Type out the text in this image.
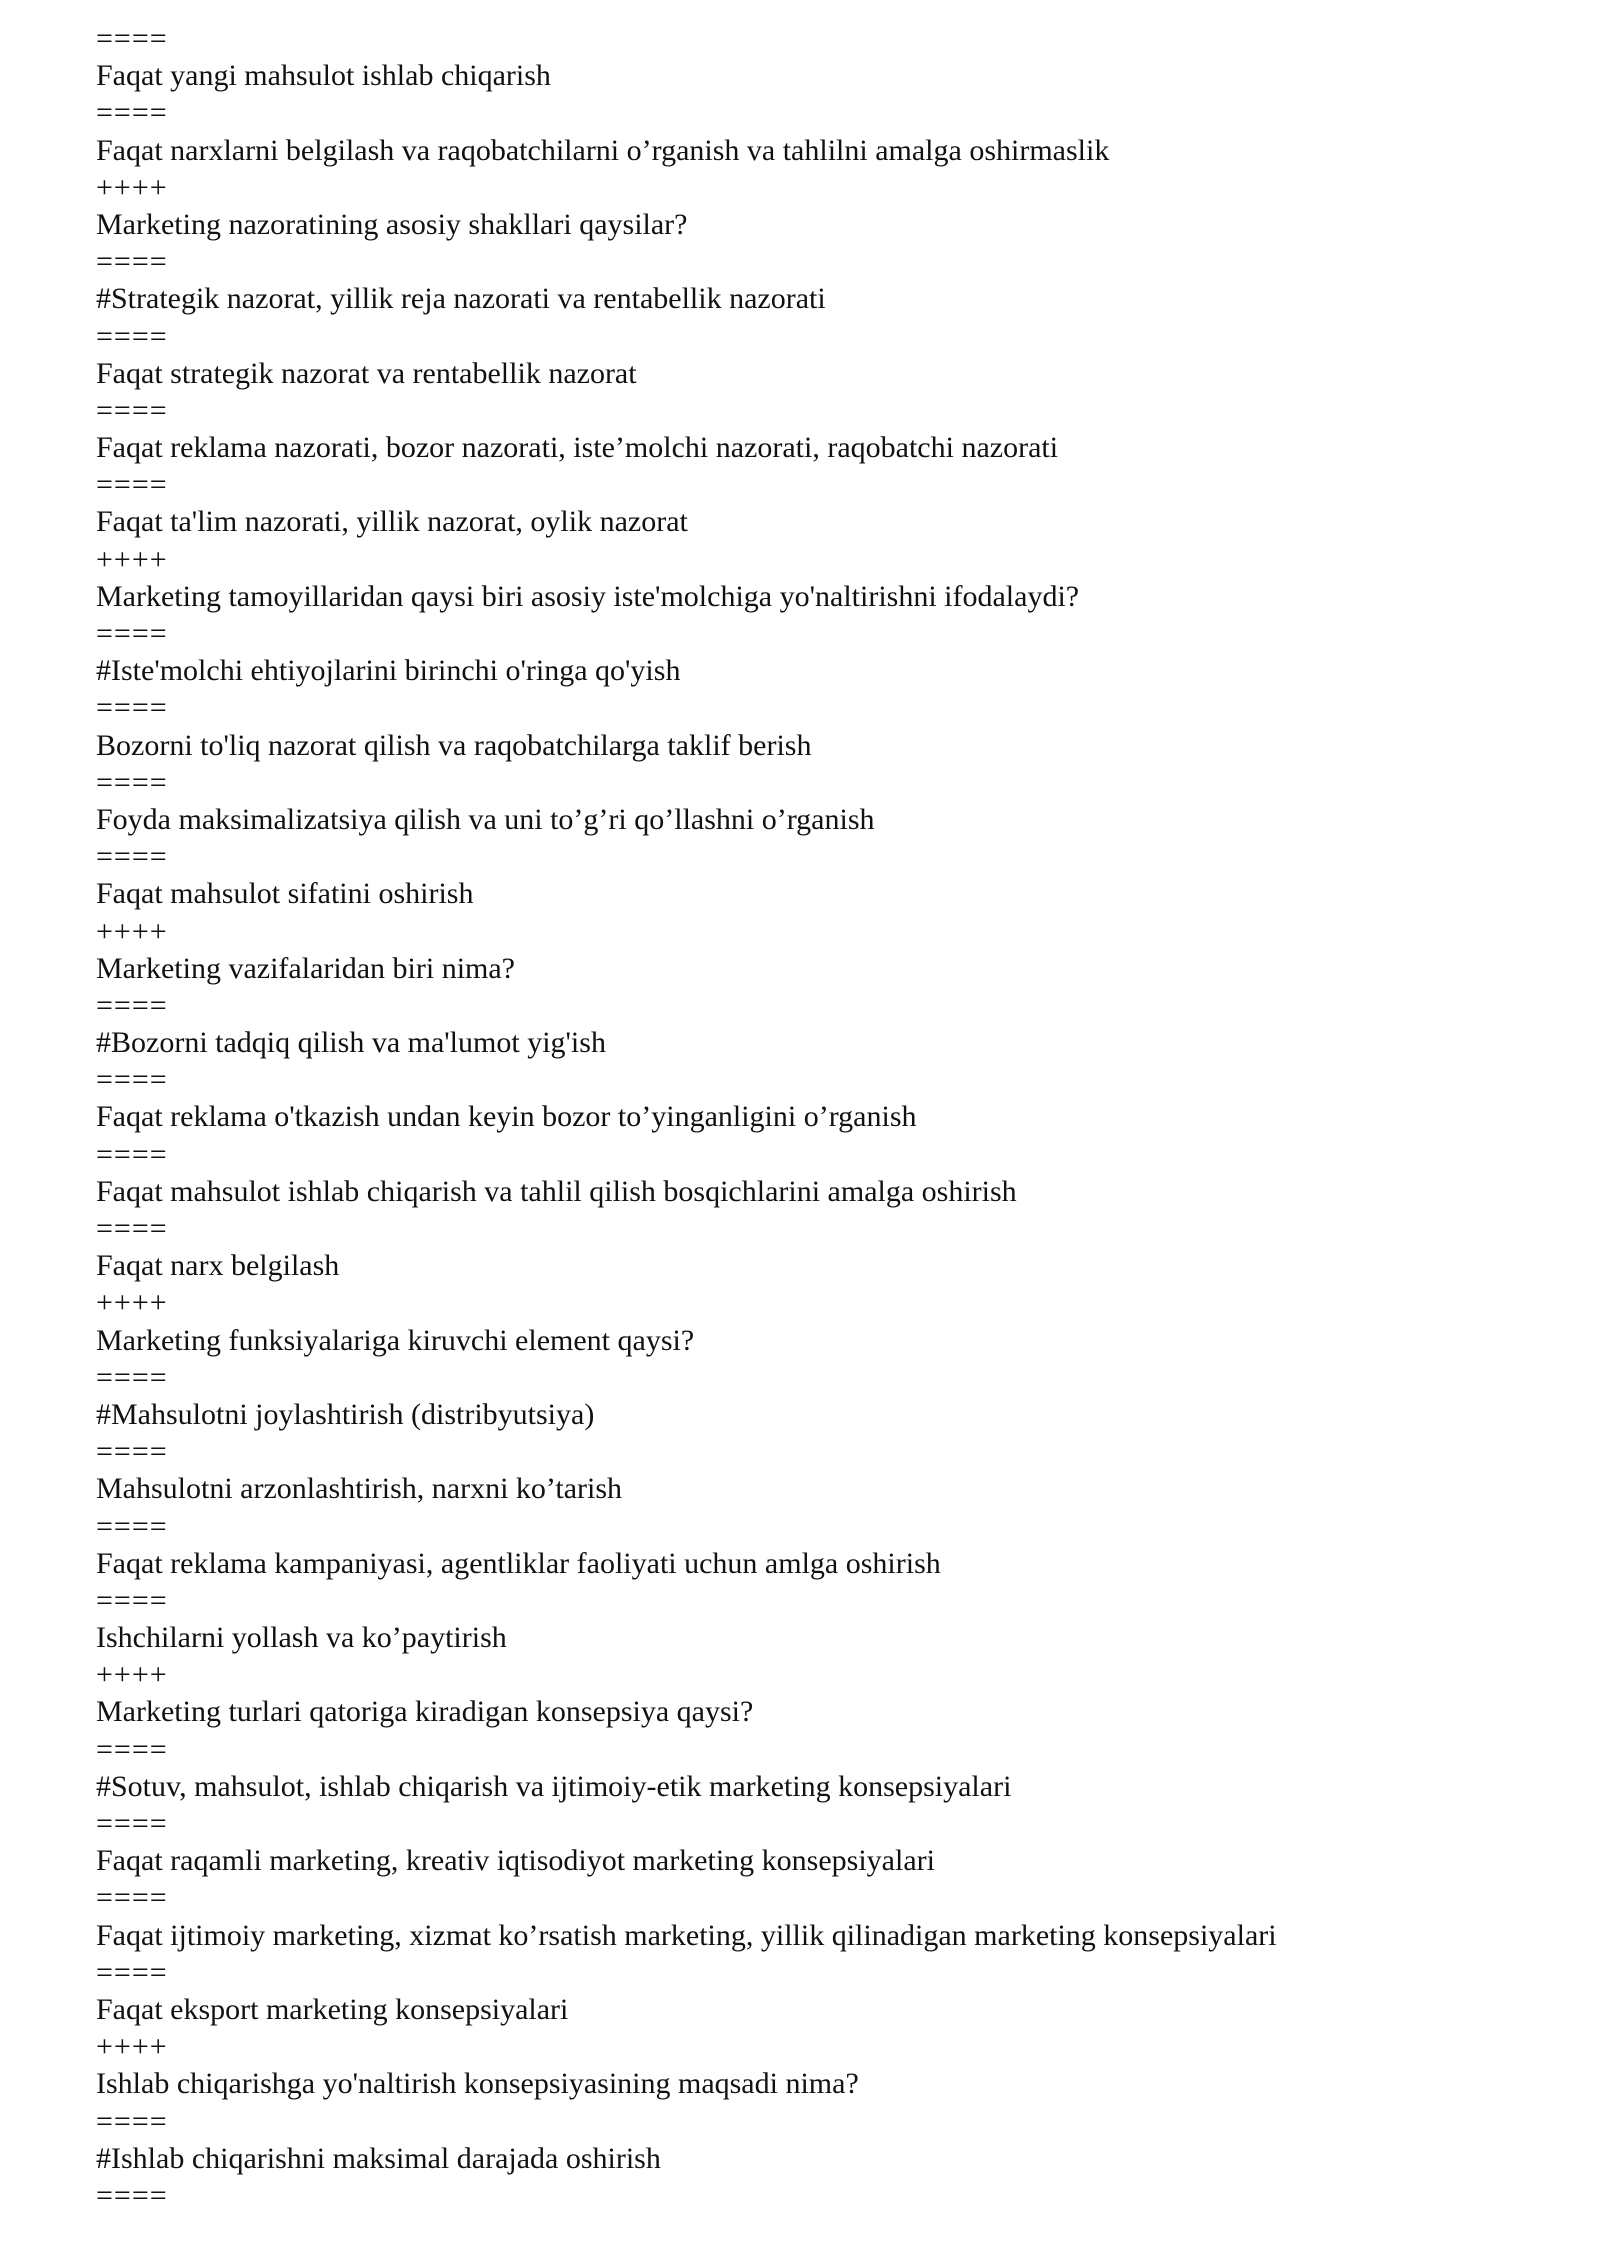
====
Faqat yangi mahsulot ishlab chiqarish
====
Faqat narxlarni belgilash va raqobatchilarni o’rganish va tahlilni amalga oshirmaslik
++++
Marketing nazoratining asosiy shakllari qaysilar?
====
#Strategik nazorat, yillik reja nazorati va rentabellik nazorati
====
Faqat strategik nazorat va rentabellik nazorat
====
Faqat reklama nazorati, bozor nazorati, iste’molchi nazorati, raqobatchi nazorati
====
Faqat ta'lim nazorati, yillik nazorat, oylik nazorat
++++
Marketing tamoyillaridan qaysi biri asosiy iste'molchiga yo'naltirishni ifodalaydi?
====
#Iste'molchi ehtiyojlarini birinchi o'ringa qo'yish
====
Bozorni to'liq nazorat qilish va raqobatchilarga taklif berish
====
Foyda maksimalizatsiya qilish va uni to’g’ri qo’llashni o’rganish
====
Faqat mahsulot sifatini oshirish
++++
Marketing vazifalaridan biri nima?
====
#Bozorni tadqiq qilish va ma'lumot yig'ish
====
Faqat reklama o'tkazish undan keyin bozor to’yinganligini o’rganish
====
Faqat mahsulot ishlab chiqarish va tahlil qilish bosqichlarini amalga oshirish
====
Faqat narx belgilash
++++
Marketing funksiyalariga kiruvchi element qaysi?
====
#Mahsulotni joylashtirish (distribyutsiya)
====
Mahsulotni arzonlashtirish, narxni ko’tarish
====
Faqat reklama kampaniyasi, agentliklar faoliyati uchun amlga oshirish
====
Ishchilarni yollash va ko’paytirish
++++
Marketing turlari qatoriga kiradigan konsepsiya qaysi?
====
#Sotuv, mahsulot, ishlab chiqarish va ijtimoiy-etik marketing konsepsiyalari
====
Faqat raqamli marketing, kreativ iqtisodiyot marketing konsepsiyalari
====
Faqat ijtimoiy marketing, xizmat ko’rsatish marketing, yillik qilinadigan marketing konsepsiyalari
====
Faqat eksport marketing konsepsiyalari
++++
Ishlab chiqarishga yo'naltirish konsepsiyasining maqsadi nima?
====
#Ishlab chiqarishni maksimal darajada oshirish
====
